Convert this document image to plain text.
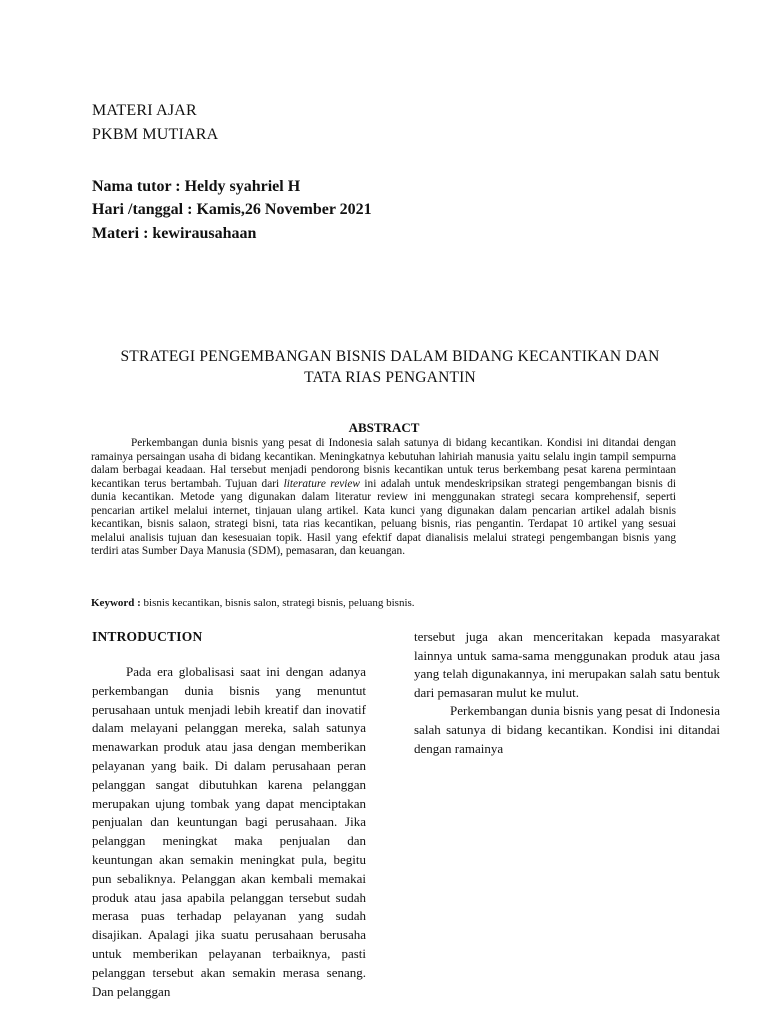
MATERI AJAR
PKBM MUTIARA
Nama tutor : Heldy syahriel H
Hari /tanggal : Kamis,26 November 2021
Materi : kewirausahaan
STRATEGI PENGEMBANGAN BISNIS DALAM BIDANG KECANTIKAN DAN
TATA RIAS PENGANTIN
ABSTRACT

Perkembangan dunia bisnis yang pesat di Indonesia salah satunya di bidang kecantikan. Kondisi ini ditandai dengan ramainya persaingan usaha di bidang kecantikan. Meningkatnya kebutuhan lahiriah manusia yaitu selalu ingin tampil sempurna dalam berbagai keadaan. Hal tersebut menjadi pendorong bisnis kecantikan untuk terus berkembang pesat karena permintaan kecantikan terus bertambah. Tujuan dari literature review ini adalah untuk mendeskripsikan strategi pengembangan bisnis di dunia kecantikan. Metode yang digunakan dalam literatur review ini menggunakan strategi secara komprehensif, seperti pencarian artikel melalui internet, tinjauan ulang artikel. Kata kunci yang digunakan dalam pencarian artikel adalah bisnis kecantikan, bisnis salaon, strategi bisni, tata rias kecantikan, peluang bisnis, rias pengantin. Terdapat 10 artikel yang sesuai melalui analisis tujuan dan kesesuaian topik. Hasil yang efektif dapat dianalisis melalui strategi pengembangan bisnis yang terdiri atas Sumber Daya Manusia (SDM), pemasaran, dan keuangan.

Keyword : bisnis kecantikan, bisnis salon, strategi bisnis, peluang bisnis.
INTRODUCTION

Pada era globalisasi saat ini dengan adanya perkembangan dunia bisnis yang menuntut perusahaan untuk menjadi lebih kreatif dan inovatif dalam melayani pelanggan mereka, salah satunya menawarkan produk atau jasa dengan memberikan pelayanan yang baik. Di dalam perusahaan peran pelanggan sangat dibutuhkan karena pelanggan merupakan ujung tombak yang dapat menciptakan penjualan dan keuntungan bagi perusahaan. Jika pelanggan meningkat maka penjualan dan keuntungan akan semakin meningkat pula, begitu pun sebaliknya. Pelanggan akan kembali memakai produk atau jasa apabila pelanggan tersebut sudah merasa puas terhadap pelayanan yang sudah disajikan. Apalagi jika suatu perusahaan berusaha untuk memberikan pelayanan terbaiknya, pasti pelanggan tersebut akan semakin merasa senang. Dan pelanggan

tersebut juga akan menceritakan kepada masyarakat lainnya untuk sama-sama menggunakan produk atau jasa yang telah digunakannya, ini merupakan salah satu bentuk dari pemasaran mulut ke mulut.

Perkembangan dunia bisnis yang pesat di Indonesia salah satunya di bidang kecantikan. Kondisi ini ditandai dengan ramainya
